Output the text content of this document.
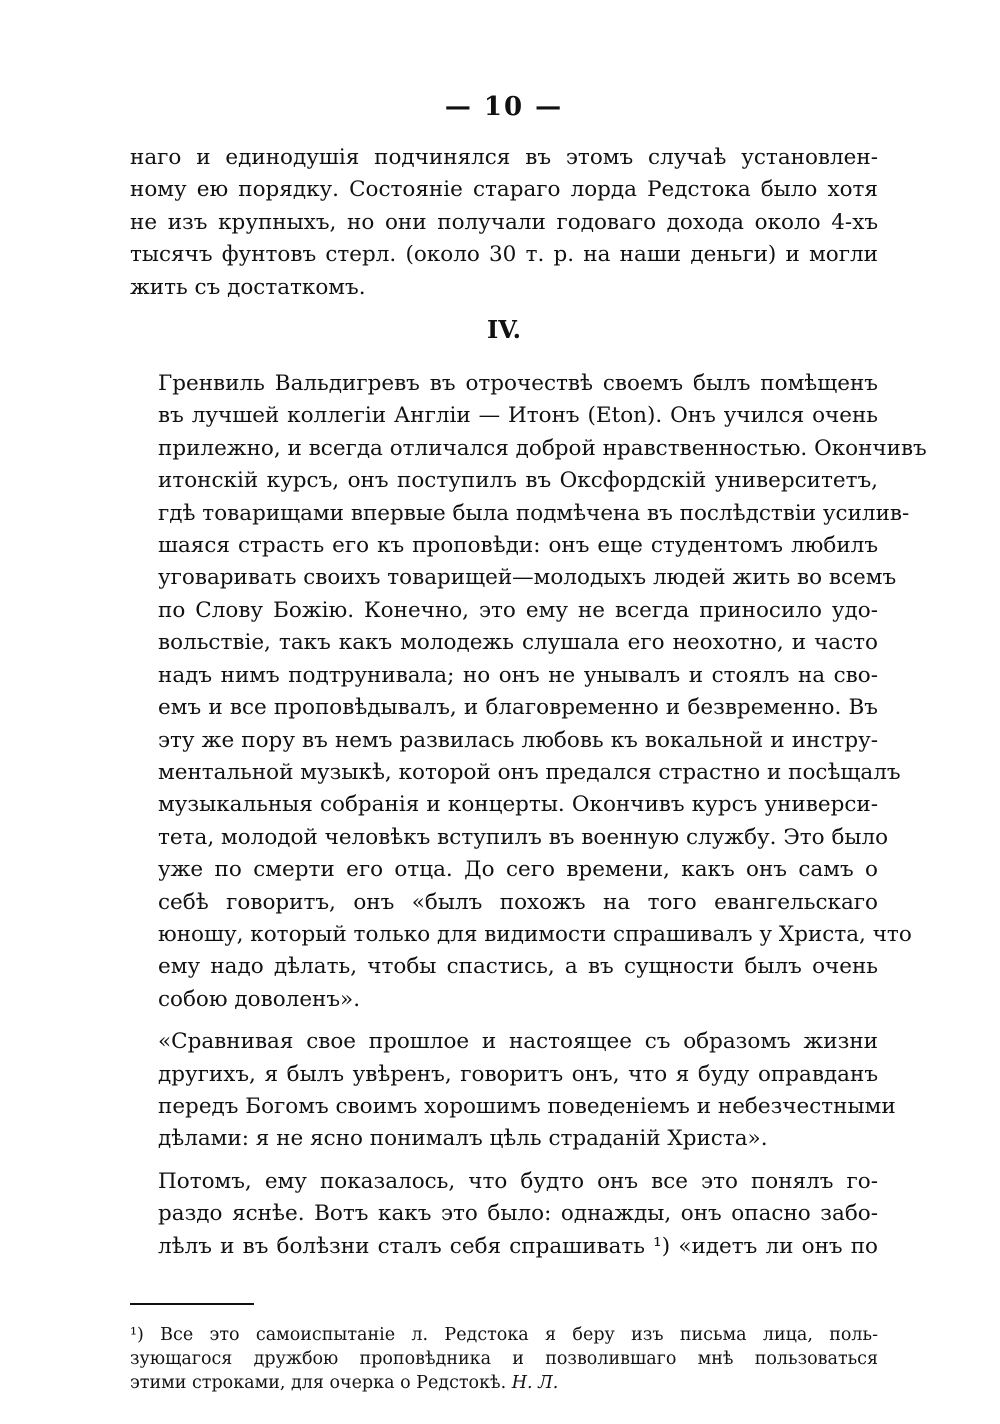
— 10 —

наго и единодушія подчинялся въ этомъ случаѣ установлен-
ному ею порядку. Состояніе стараго лорда Редстока было хотя
не изъ крупныхъ, но они получали годоваго дохода около 4-хъ
тысячъ фунтовъ стерл. (около 30 т. р. на наши деньги) и могли
жить съ достаткомъ.

IV.

Гренвиль Вальдигревъ въ отрочествѣ своемъ былъ помѣщенъ
въ лучшей коллегіи Англіи — Итонъ (Eton). Онъ учился очень
прилежно, и всегда отличался доброй нравственностью. Окончивъ
итонскій курсъ, онъ поступилъ въ Оксфордскій университетъ,
гдѣ товарищами впервые была подмѣчена въ послѣдствіи усилив-
шаяся страсть его къ проповѣди: онъ еще студентомъ любилъ
уговаривать своихъ товарищей—молодыхъ людей жить во всемъ
по Слову Божію. Конечно, это ему не всегда приносило удо-
вольствіе, такъ какъ молодежь слушала его неохотно, и часто
надъ нимъ подтрунивала; но онъ не унывалъ и стоялъ на сво-
емъ и все проповѣдывалъ, и благовременно и безвременно. Въ
эту же пору въ немъ развилась любовь къ вокальной и инстру-
ментальной музыкѣ, которой онъ предался страстно и посѣщалъ
музыкальныя собранія и концерты. Окончивъ курсъ универси-
тета, молодой человѣкъ вступилъ въ военную службу. Это было
уже по смерти его отца. До сего времени, какъ онъ самъ о
себѣ говоритъ, онъ «былъ похожъ на того евангельскаго
юношу, который только для видимости спрашивалъ у Христа, что
ему надо дѣлать, чтобы спастись, а въ сущности былъ очень
собою доволенъ».

«Сравнивая свое прошлое и настоящее съ образомъ жизни
другихъ, я былъ увѣренъ, говоритъ онъ, что я буду оправданъ
передъ Богомъ своимъ хорошимъ поведеніемъ и небезчестными
дѣлами: я не ясно понималъ цѣль страданій Христа».

Потомъ, ему показалось, что будто онъ все это понялъ го-
раздо яснѣе. Вотъ какъ это было: однажды, онъ опасно забо-
лѣлъ и въ болѣзни сталъ себя спрашивать ¹) «идетъ ли онъ по

¹) Все это самоиспытаніе л. Редстока я беру изъ письма лица, поль-
зующагося дружбою проповѣдника и позволившаго мнѣ пользоваться
этими строками, для очерка о Редстокѣ. Н. Л.
